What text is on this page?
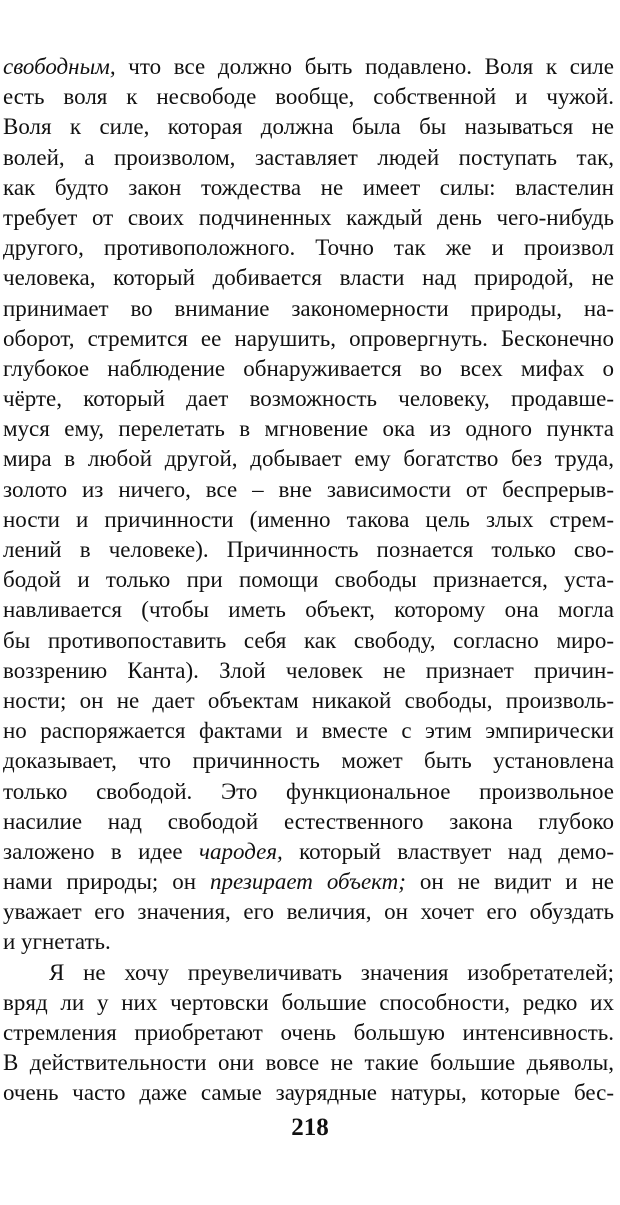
свободным, что все должно быть подавлено. Воля к силе
есть воля к несвободе вообще, собственной и чужой.
Воля к силе, которая должна была бы называться не
волей, а произволом, заставляет людей поступать так,
как будто закон тождества не имеет силы: властелин
требует от своих подчиненных каждый день чего-нибудь
другого, противоположного. Точно так же и произвол
человека, который добивается власти над природой, не
принимает во внимание закономерности природы, на-
оборот, стремится ее нарушить, опровергнуть. Бесконечно
глубокое наблюдение обнаруживается во всех мифах о
чёрте, который дает возможность человеку, продавше-
муся ему, перелетать в мгновение ока из одного пункта
мира в любой другой, добывает ему богатство без труда,
золото из ничего, все – вне зависимости от беспрерыв-
ности и причинности (именно такова цель злых стрем-
лений в человеке). Причинность познается только сво-
бодой и только при помощи свободы признается, уста-
навливается (чтобы иметь объект, которому она могла
бы противопоставить себя как свободу, согласно миро-
воззрению Канта). Злой человек не признает причин-
ности; он не дает объектам никакой свободы, произволь-
но распоряжается фактами и вместе с этим эмпирически
доказывает, что причинность может быть установлена
только свободой. Это функциональное произвольное
насилие над свободой естественного закона глубоко
заложено в идее чародея, который властвует над демо-
нами природы; он презирает объект; он не видит и не
уважает его значения, его величия, он хочет его обуздать
и угнетать.
Я не хочу преувеличивать значения изобретателей;
вряд ли у них чертовски большие способности, редко их
стремления приобретают очень большую интенсивность.
В действительности они вовсе не такие большие дьяволы,
очень часто даже самые заурядные натуры, которые бес-
218
